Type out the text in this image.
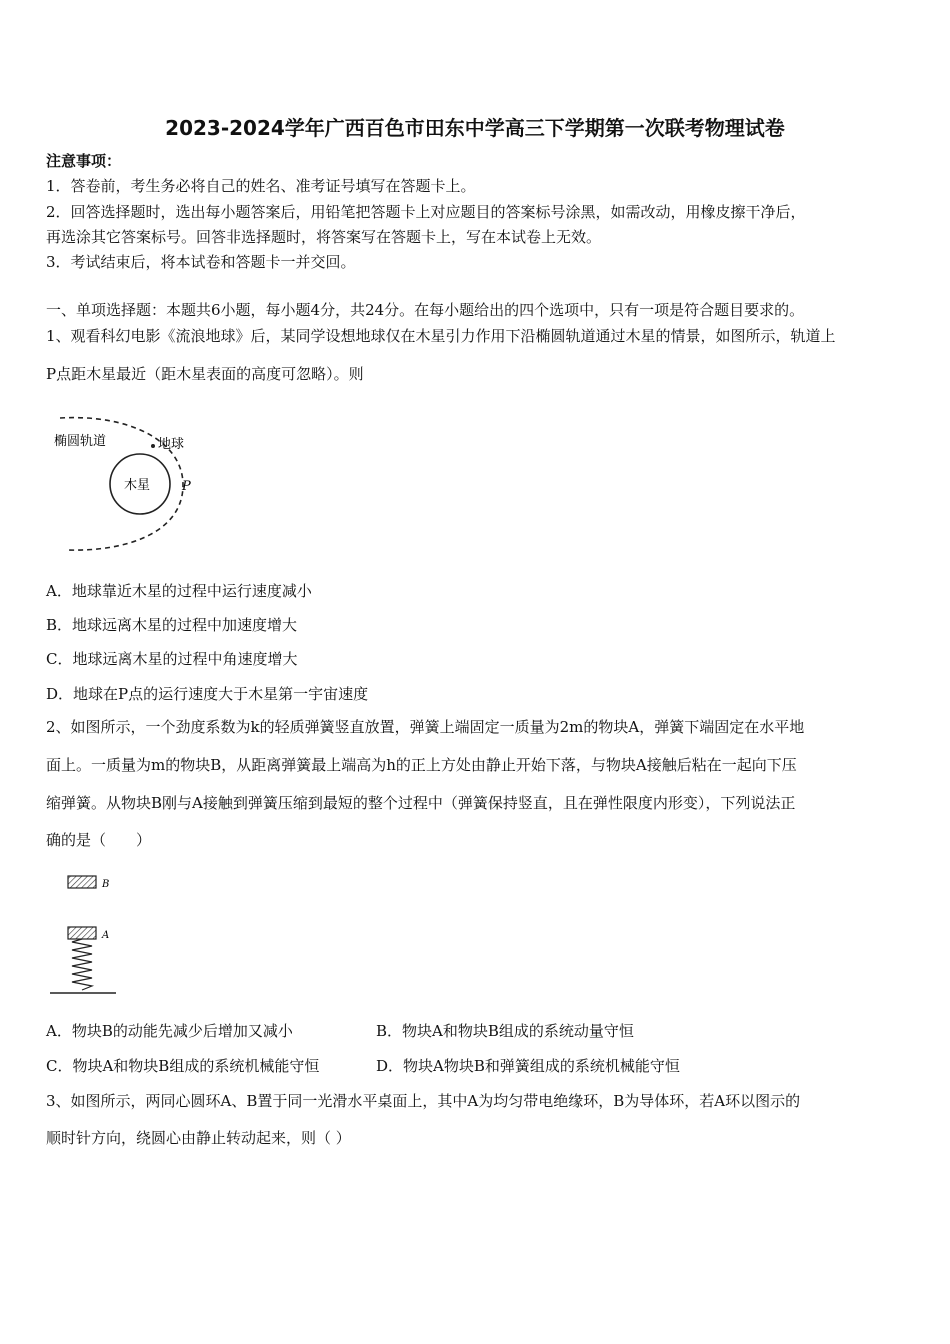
2023-2024学年广西百色市田东中学高三下学期第一次联考物理试卷
注意事项：
1．答卷前，考生务必将自己的姓名、准考证号填写在答题卡上。
2．回答选择题时，选出每小题答案后，用铅笔把答题卡上对应题目的答案标号涂黑，如需改动，用橡皮擦干净后，
再选涂其它答案标号。回答非选择题时，将答案写在答题卡上，写在本试卷上无效。
3．考试结束后，将本试卷和答题卡一并交回。
一、单项选择题：本题共6小题，每小题4分，共24分。在每小题给出的四个选项中，只有一项是符合题目要求的。
1、观看科幻电影《流浪地球》后，某同学设想地球仅在木星引力作用下沿椭圆轨道通过木星的情景，如图所示，轨道上
P点距木星最近（距木星表面的高度可忽略）。则
椭圆轨道	地球
木星 P
A．地球靠近木星的过程中运行速度减小
B．地球远离木星的过程中加速度增大
C．地球远离木星的过程中角速度增大
D．地球在P点的运行速度大于木星第一宇宙速度
2、如图所示，一个劲度系数为k的轻质弹簧竖直放置，弹簧上端固定一质量为2m的物块A，弹簧下端固定在水平地
面上。一质量为m的物块B，从距离弹簧最上端高为h的正上方处由静止开始下落，与物块A接触后粘在一起向下压
缩弹簧。从物块B刚与A接触到弹簧压缩到最短的整个过程中（弹簧保持竖直，且在弹性限度内形变），下列说法正
确的是（　　）
B
A
A．物块B的动能先减少后增加又减小	B．物块A和物块B组成的系统动量守恒
C．物块A和物块B组成的系统机械能守恒	D．物块A物块B和弹簧组成的系统机械能守恒
3、如图所示，两同心圆环A、B置于同一光滑水平桌面上，其中A为均匀带电绝缘环，B为导体环，若A环以图示的
顺时针方向，绕圆心由静止转动起来，则（ ）
